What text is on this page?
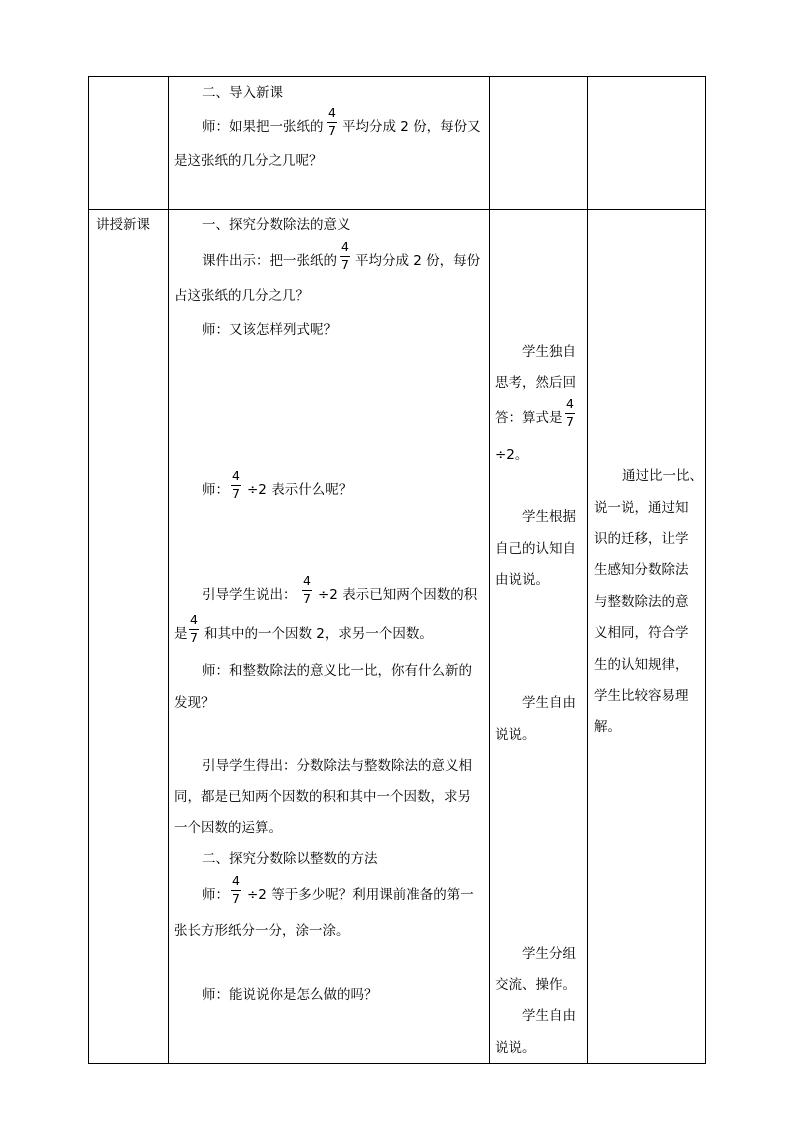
二、导入新课
师：如果把一张纸的 $\frac{4}{7}$ 平均分成 2 份，每份又
是这张纸的几分之几呢？
讲授新课	一、探究分数除法的意义
课件出示：把一张纸的 $\frac{4}{7}$ 平均分成 2 份，每份
占这张纸的几分之几？
师：又该怎样列式呢？
师： $\frac{4}{7} \div 2$ 表示什么呢？
引导学生说出： $\frac{4}{7} \div 2$ 表示已知两个因数的积
是 $\frac{4}{7}$ 和其中的一个因数 2，求另一个因数。
师：和整数除法的意义比一比，你有什么新的
发现？
引导学生得出：分数除法与整数除法的意义相
同，都是已知两个因数的积和其中一个因数，求另
一个因数的运算。
二、探究分数除以整数的方法
师： $\frac{4}{7} \div 2$ 等于多少呢？利用课前准备的第一
张长方形纸分一分，涂一涂。
师：能说说你是怎么做的吗？
学生独自
思考，然后回
答：算式是 $\frac{4}{7}$
÷2。
学生根据
自己的认知自
由说说。
学生自由
说说。
学生分组
交流、操作。
学生自由
说说。
通过比一比、
说一说，通过知
识的迁移，让学
生感知分数除法
与整数除法的意
义相同，符合学
生的认知规律，
学生比较容易理
解。
